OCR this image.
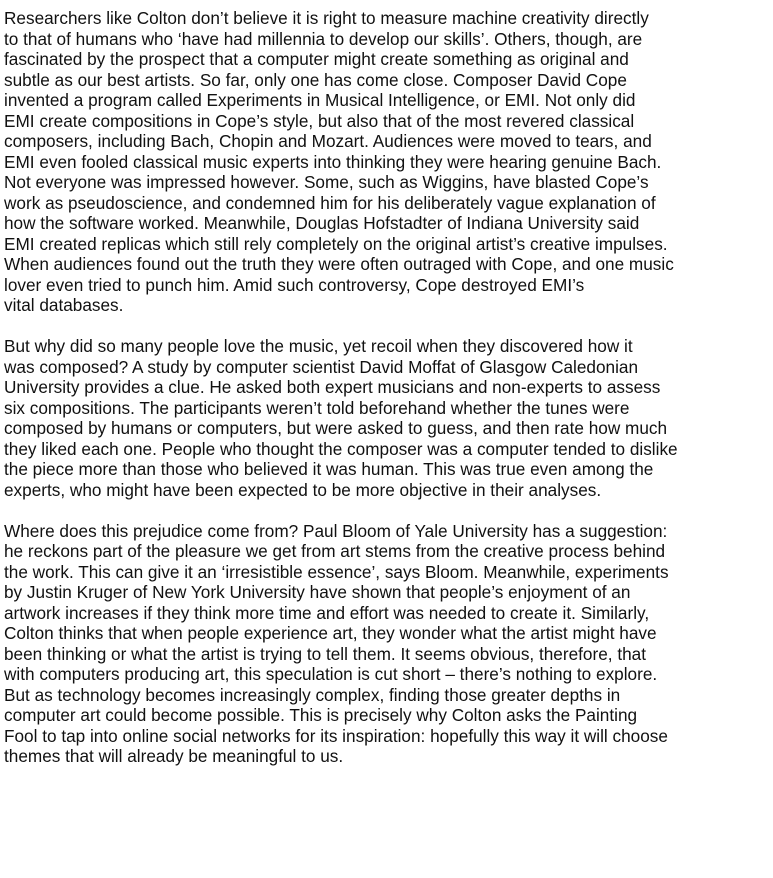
Researchers like Colton don’t believe it is right to measure machine creativity directly
to that of humans who ‘have had millennia to develop our skills’. Others, though, are
fascinated by the prospect that a computer might create something as original and
subtle as our best artists. So far, only one has come close. Composer David Cope
invented a program called Experiments in Musical Intelligence, or EMI. Not only did
EMI create compositions in Cope’s style, but also that of the most revered classical
composers, including Bach, Chopin and Mozart. Audiences were moved to tears, and
EMI even fooled classical music experts into thinking they were hearing genuine Bach.
Not everyone was impressed however. Some, such as Wiggins, have blasted Cope’s
work as pseudoscience, and condemned him for his deliberately vague explanation of
how the software worked. Meanwhile, Douglas Hofstadter of Indiana University said
EMI created replicas which still rely completely on the original artist’s creative impulses.
When audiences found out the truth they were often outraged with Cope, and one music
lover even tried to punch him. Amid such controversy, Cope destroyed EMI’s
vital databases.
But why did so many people love the music, yet recoil when they discovered how it
was composed? A study by computer scientist David Moffat of Glasgow Caledonian
University provides a clue. He asked both expert musicians and non-experts to assess
six compositions. The participants weren’t told beforehand whether the tunes were
composed by humans or computers, but were asked to guess, and then rate how much
they liked each one. People who thought the composer was a computer tended to dislike
the piece more than those who believed it was human. This was true even among the
experts, who might have been expected to be more objective in their analyses.
Where does this prejudice come from? Paul Bloom of Yale University has a suggestion:
he reckons part of the pleasure we get from art stems from the creative process behind
the work. This can give it an ‘irresistible essence’, says Bloom. Meanwhile, experiments
by Justin Kruger of New York University have shown that people’s enjoyment of an
artwork increases if they think more time and effort was needed to create it. Similarly,
Colton thinks that when people experience art, they wonder what the artist might have
been thinking or what the artist is trying to tell them. It seems obvious, therefore, that
with computers producing art, this speculation is cut short – there’s nothing to explore.
But as technology becomes increasingly complex, finding those greater depths in
computer art could become possible. This is precisely why Colton asks the Painting
Fool to tap into online social networks for its inspiration: hopefully this way it will choose
themes that will already be meaningful to us.
